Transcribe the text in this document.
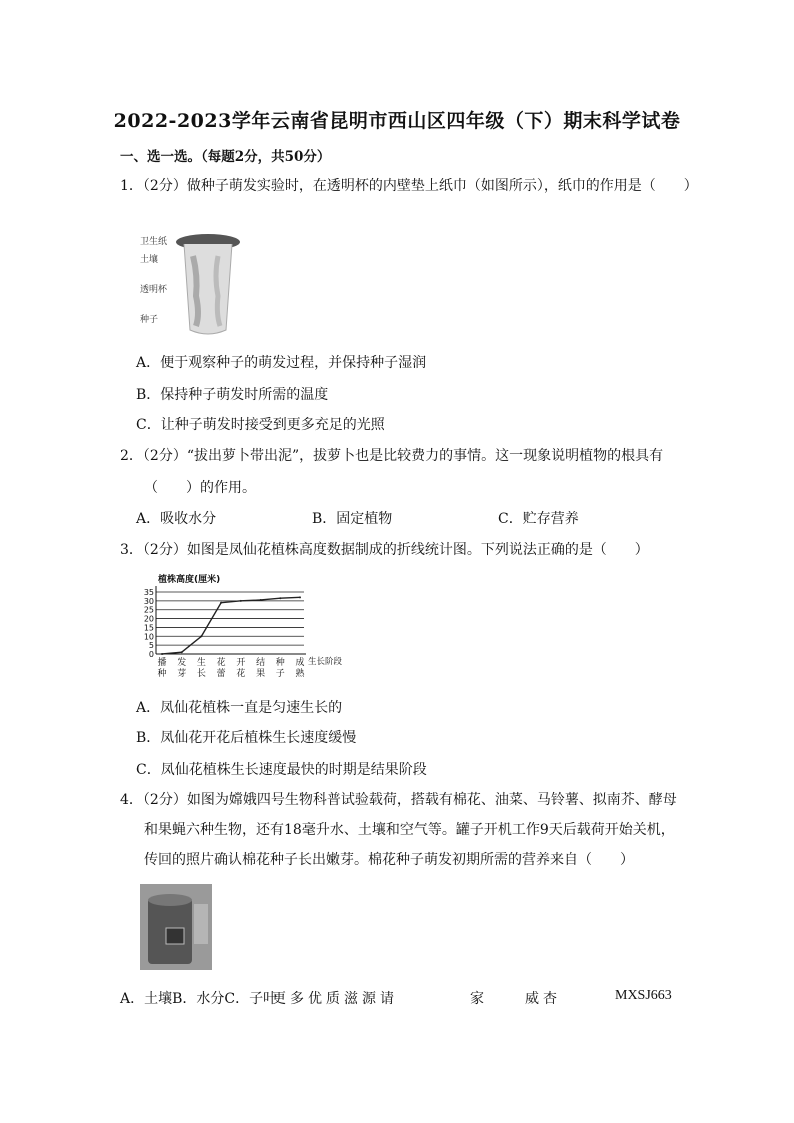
2022-2023学年云南省昆明市西山区四年级（下）期末科学试卷
一、选一选。（每题2分，共50分）
1．（2分）做种子萌发实验时，在透明杯的内壁垫上纸巾（如图所示），纸巾的作用是（　　）
卫生纸
土壤
透明杯
种子
A．便于观察种子的萌发过程，并保持种子湿润
B．保持种子萌发时所需的温度
C．让种子萌发时接受到更多充足的光照
2．（2分）“拔出萝卜带出泥”，拔萝卜也是比较费力的事情。这一现象说明植物的根具有
（　　）的作用。
A．吸收水分	B．固定植物	C．贮存营养
3．（2分）如图是凤仙花植株高度数据制成的折线统计图。下列说法正确的是（　　）
植株高度(厘米)
0
5
10
15
20
25
30
35
播种
发芽
生长
花蕾
开花
结果
种子
成熟
生长阶段
A．凤仙花植株一直是匀速生长的
B．凤仙花开花后植株生长速度缓慢
C．凤仙花植株生长速度最快的时期是结果阶段
4．（2分）如图为嫦娥四号生物科普试验载荷，搭载有棉花、油菜、马铃薯、拟南芥、酵母
和果蝇六种生物，还有18毫升水、土壤和空气等。罐子开机工作9天后载荷开始关机，
传回的照片确认棉花种子长出嫩芽。棉花种子萌发初期所需的营养来自（　　）
A．土壤B．水分C．子叶
更多优质滋源请	家	威杏	MXSJ663
